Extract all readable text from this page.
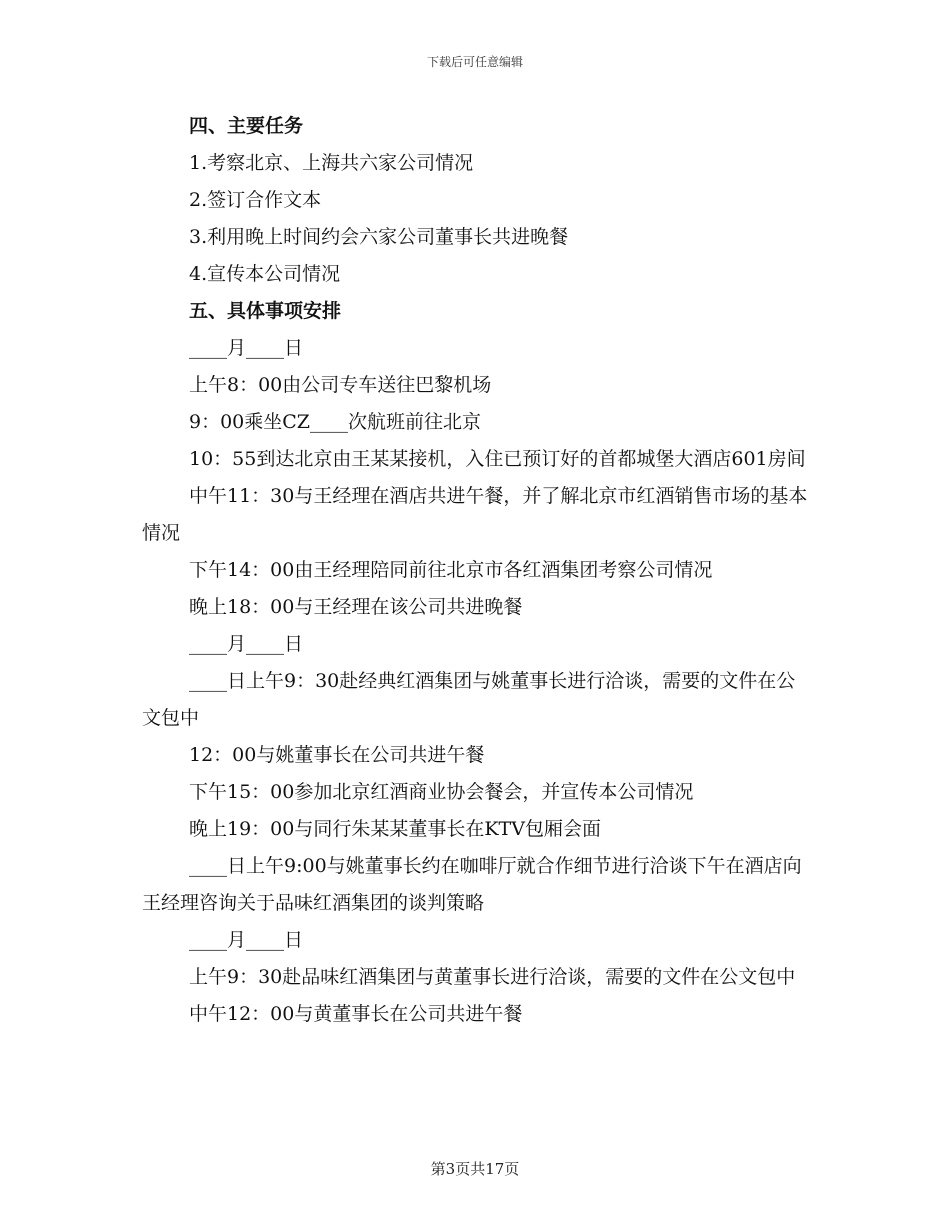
下载后可任意编辑

四、主要任务

1.考察北京、上海共六家公司情况

2.签订合作文本

3.利用晚上时间约会六家公司董事长共进晚餐

4.宣传本公司情况

五、具体事项安排

____月____日

上午8：00由公司专车送往巴黎机场

9：00乘坐CZ____次航班前往北京

10：55到达北京由王某某接机，入住已预订好的首都城堡大酒店601房间

中午11：30与王经理在酒店共进午餐，并了解北京市红酒销售市场的基本情况

下午14：00由王经理陪同前往北京市各红酒集团考察公司情况

晚上18：00与王经理在该公司共进晚餐

____月____日

____日上午9：30赴经典红酒集团与姚董事长进行洽谈，需要的文件在公文包中

12：00与姚董事长在公司共进午餐

下午15：00参加北京红酒商业协会餐会，并宣传本公司情况

晚上19：00与同行朱某某董事长在KTV包厢会面

____日上午9:00与姚董事长约在咖啡厅就合作细节进行洽谈下午在酒店向王经理咨询关于品味红酒集团的谈判策略

____月____日

上午9：30赴品味红酒集团与黄董事长进行洽谈，需要的文件在公文包中

中午12：00与黄董事长在公司共进午餐

第3页共17页
